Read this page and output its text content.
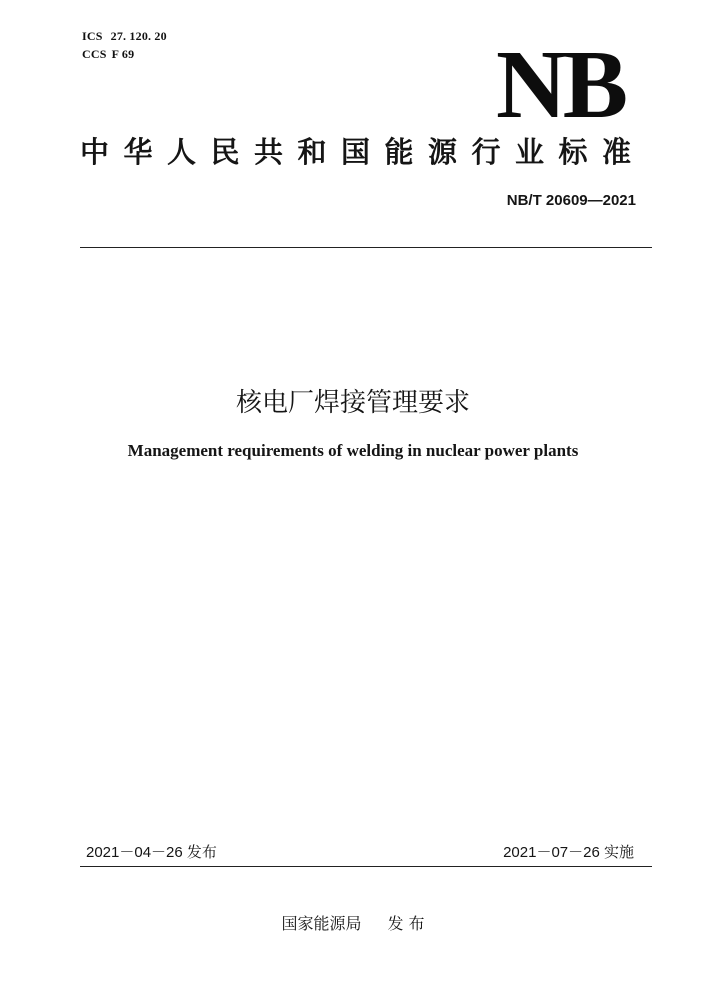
ICS 27. 120. 20
CCS F 69	NB
中华人民共和国能源行业标准
NB/T 20609—2021
核电厂焊接管理要求
Management requirements of welding in nuclear power plants
2021－04－26 发布	2021－07－26 实施
国家能源局 发 布
